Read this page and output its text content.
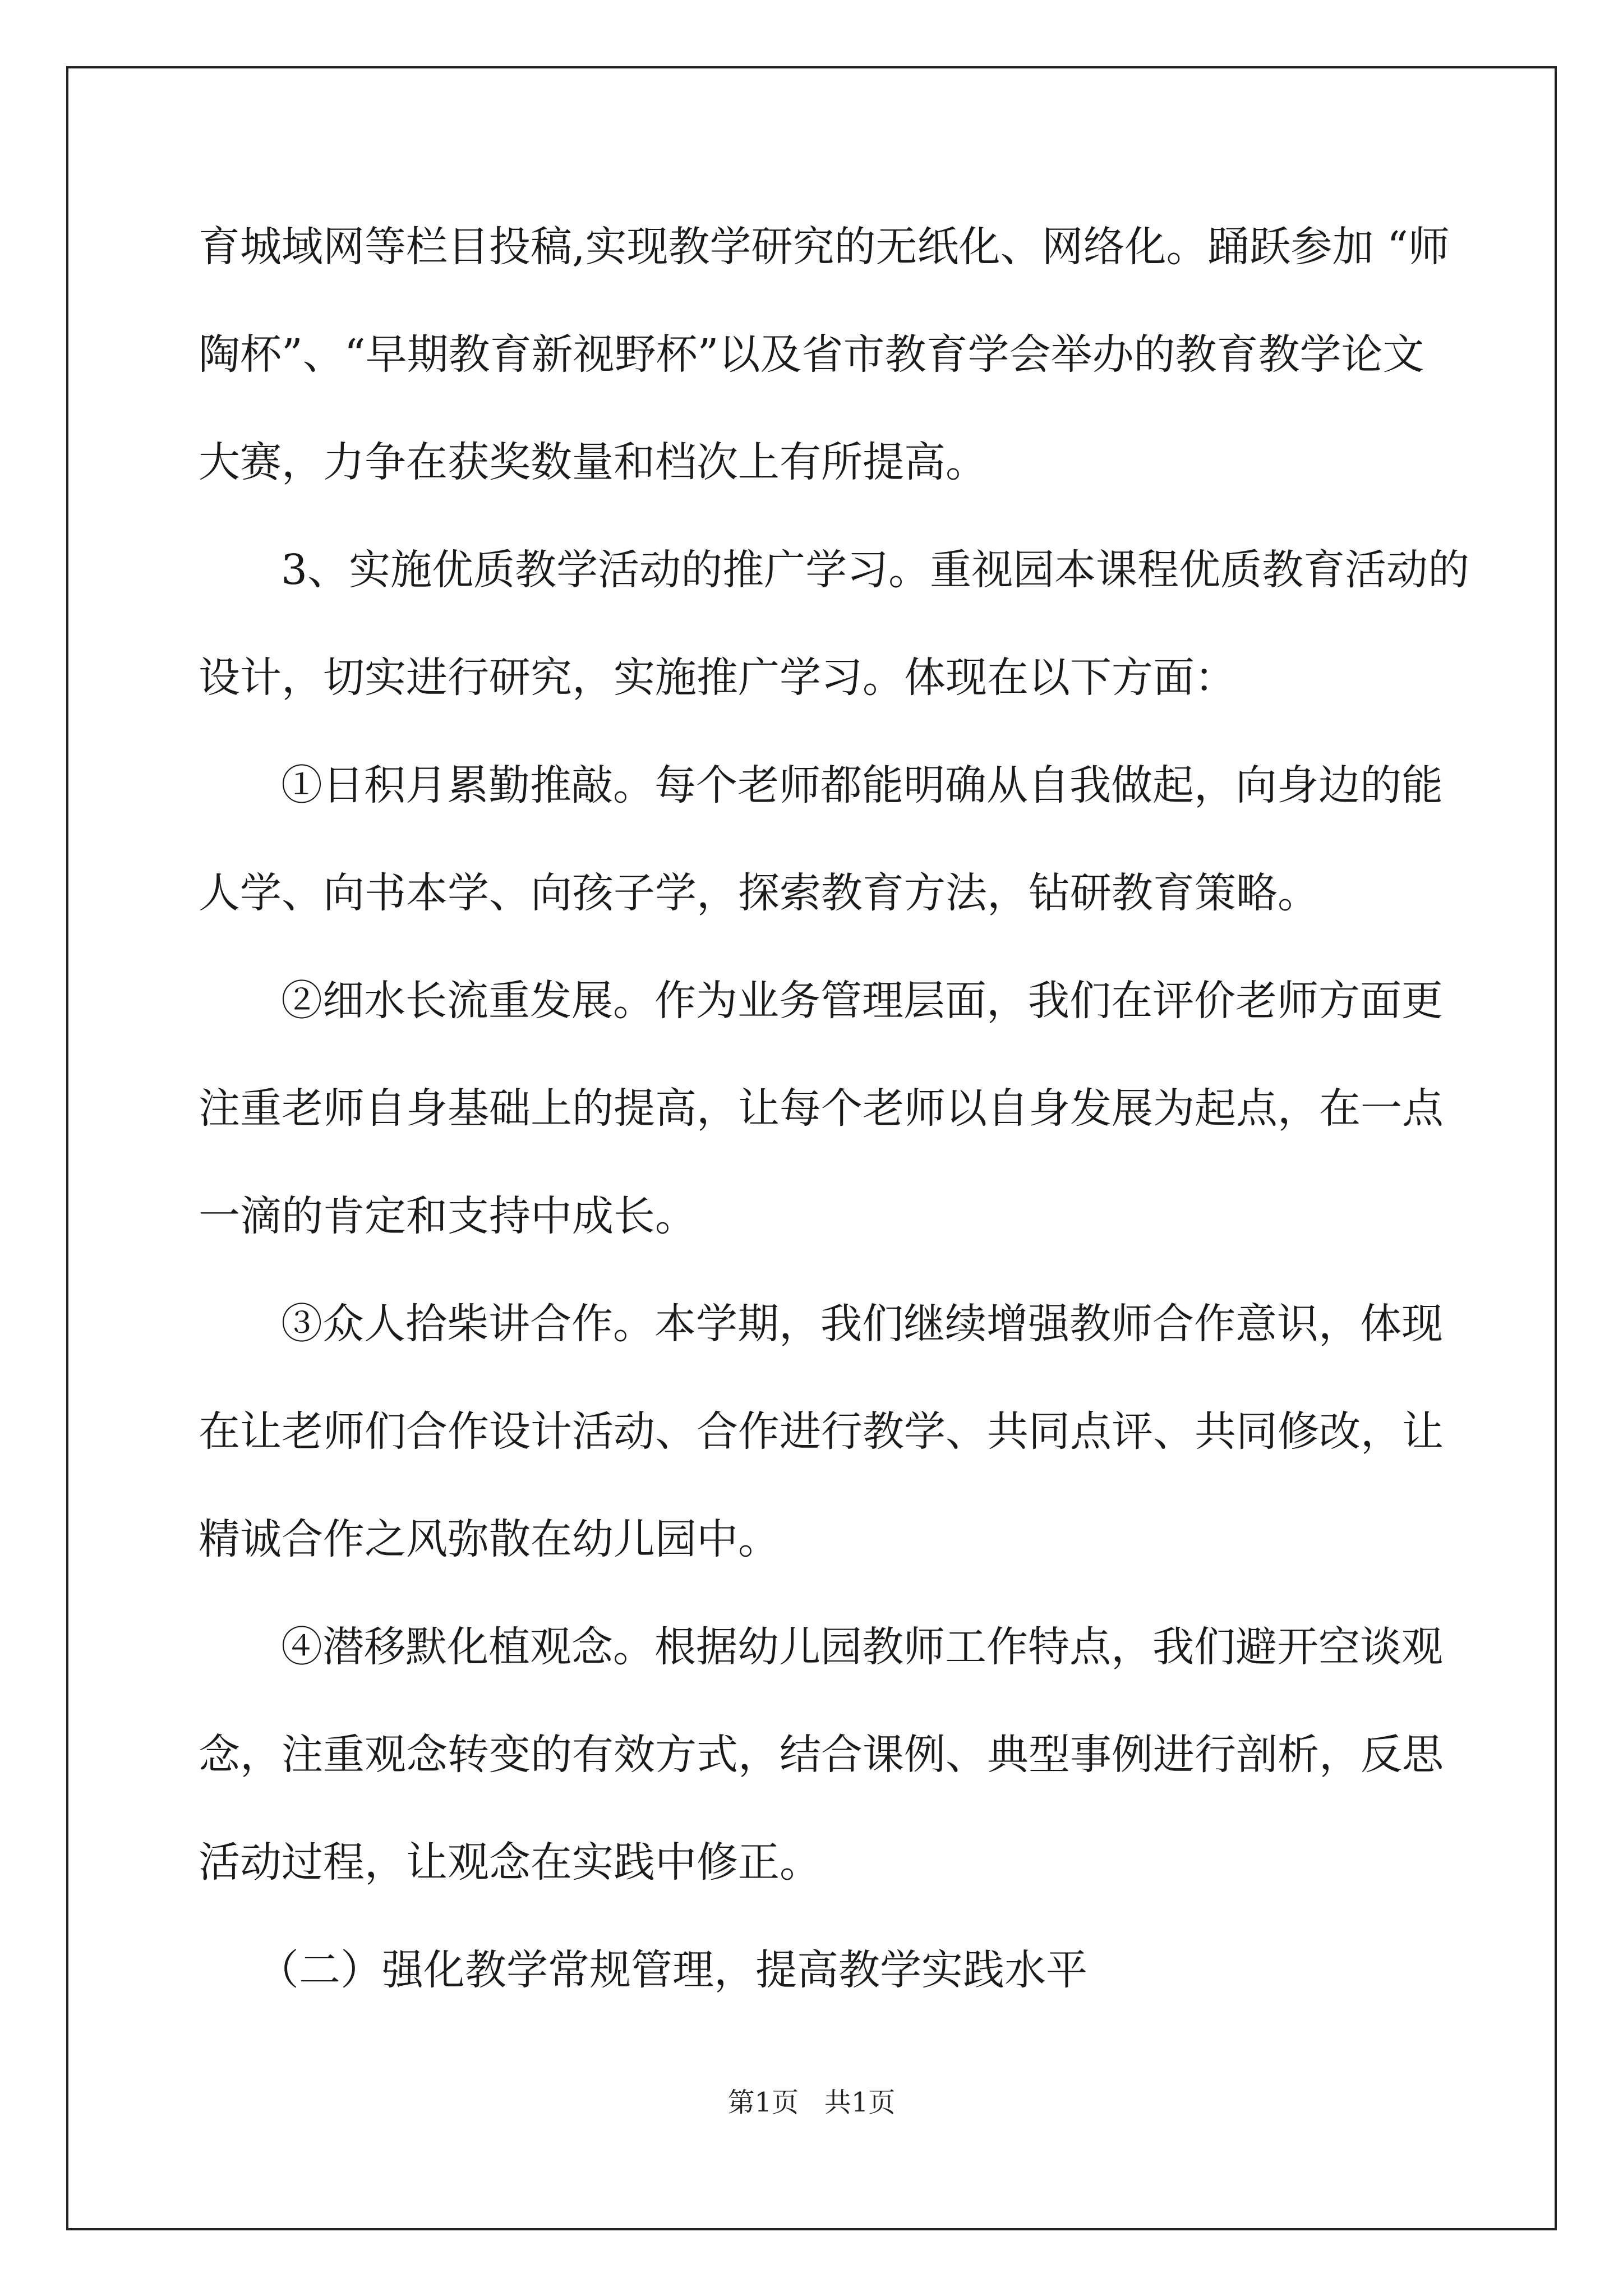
育城域网等栏目投稿,实现教学研究的无纸化、网络化。踊跃参加 “师
陶杯”、“早期教育新视野杯”以及省市教育学会举办的教育教学论文
大赛，力争在获奖数量和档次上有所提高。
3、实施优质教学活动的推广学习。重视园本课程优质教育活动的
设计，切实进行研究，实施推广学习。体现在以下方面：
①日积月累勤推敲。每个老师都能明确从自我做起，向身边的能
人学、向书本学、向孩子学，探索教育方法，钻研教育策略。
②细水长流重发展。作为业务管理层面，我们在评价老师方面更
注重老师自身基础上的提高，让每个老师以自身发展为起点，在一点
一滴的肯定和支持中成长。
③众人拾柴讲合作。本学期，我们继续增强教师合作意识，体现
在让老师们合作设计活动、合作进行教学、共同点评、共同修改，让
精诚合作之风弥散在幼儿园中。
④潜移默化植观念。根据幼儿园教师工作特点，我们避开空谈观
念，注重观念转变的有效方式，结合课例、典型事例进行剖析，反思
活动过程，让观念在实践中修正。
（二）强化教学常规管理，提高教学实践水平
第1页   共1页
